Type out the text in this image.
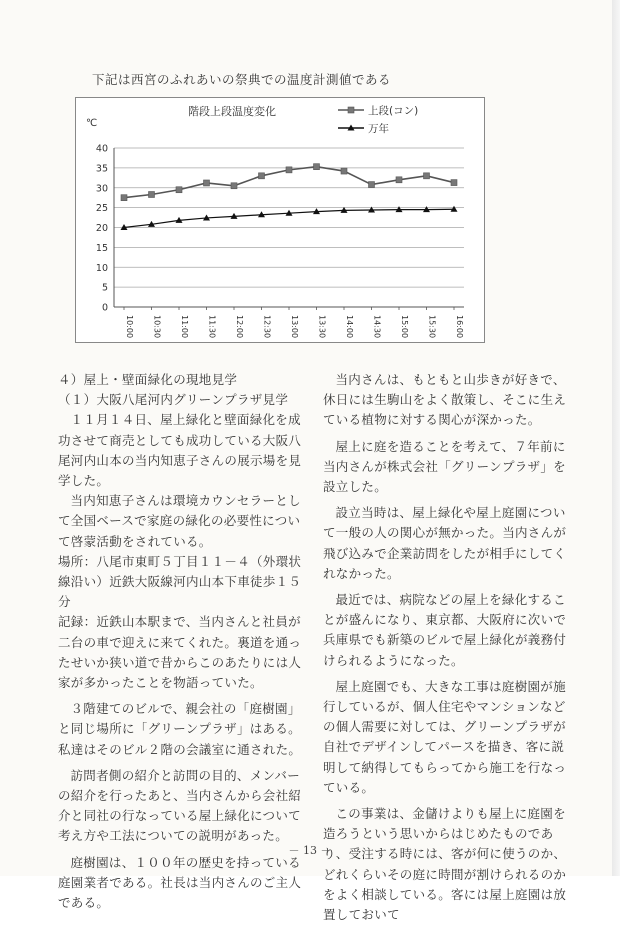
下記は西宮のふれあいの祭典での温度計測値である
階段上段温度変化
℃
0
5
10
15
20
25
30
35
40
10:00 10:30 11:00 11:30 12:00 12:30 13:00 13:30 14:00 14:30 15:00 15:30 16:00
上段(コン)
万年

４）屋上・壁面緑化の現地見学

（１）大阪八尾河内グリーンプラザ見学

１１月１４日、屋上緑化と壁面緑化を成功させて商売としても成功している大阪八尾河内山本の当内知恵子さんの展示場を見学した。

当内知恵子さんは環境カウンセラーとして全国ベースで家庭の緑化の必要性について啓蒙活動をされている。

場所：八尾市東町５丁目１１－４（外環状線沿い）近鉄大阪線河内山本下車徒歩１５分

記録：近鉄山本駅まで、当内さんと社員が二台の車で迎えに来てくれた。裏道を通ったせいか狭い道で昔からこのあたりには人家が多かったことを物語っていた。

３階建てのビルで、親会社の「庭樹園」と同じ場所に「グリーンプラザ」はある。私達はそのビル２階の会議室に通された。

訪問者側の紹介と訪問の目的、メンバーの紹介を行ったあと、当内さんから会社紹介と同社の行なっている屋上緑化について考え方や工法についての説明があった。

庭樹園は、１００年の歴史を持っている庭園業者である。社長は当内さんのご主人である。

当内さんは、もともと山歩きが好きで、休日には生駒山をよく散策し、そこに生えている植物に対する関心が深かった。

屋上に庭を造ることを考えて、７年前に当内さんが株式会社「グリーンプラザ」を設立した。

設立当時は、屋上緑化や屋上庭園について一般の人の関心が無かった。当内さんが飛び込みで企業訪問をしたが相手にしてくれなかった。

最近では、病院などの屋上を緑化することが盛んになり、東京都、大阪府に次いで兵庫県でも新築のビルで屋上緑化が義務付けられるようになった。

屋上庭園でも、大きな工事は庭樹園が施行しているが、個人住宅やマンションなどの個人需要に対しては、グリーンプラザが自社でデザインしてパースを描き、客に説明して納得してもらってから施工を行なっている。

この事業は、金儲けよりも屋上に庭園を造ろうという思いからはじめたものであり、受注する時には、客が何に使うのか、どれくらいその庭に時間が割けられるのかをよく相談している。客には屋上庭園は放置しておいて

－ 13 －
